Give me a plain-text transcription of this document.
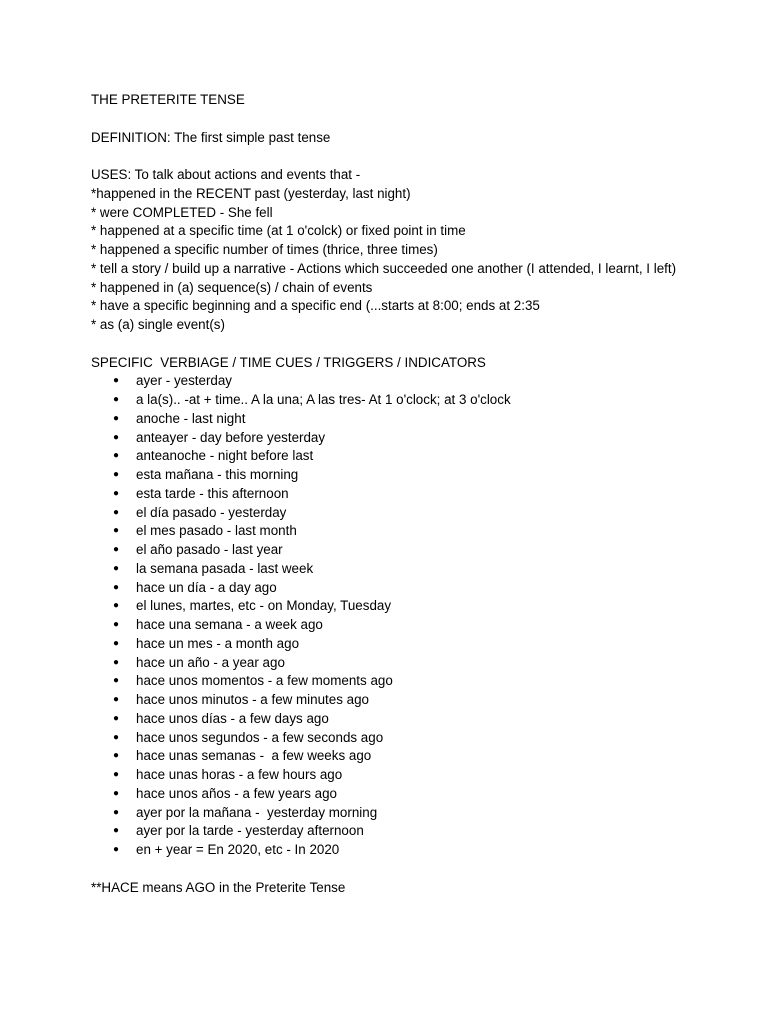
THE PRETERITE TENSE

DEFINITION: The first simple past tense

USES: To talk about actions and events that -

*happened in the RECENT past (yesterday, last night)

* were COMPLETED - She fell

* happened at a specific time (at 1 o'colck) or fixed point in time

* happened a specific number of times (thrice, three times)

* tell a story / build up a narrative - Actions which succeeded one another (I attended, I learnt, I left)

* happened in (a) sequence(s) / chain of events

* have a specific beginning and a specific end (...starts at 8:00; ends at 2:35

* as (a) single event(s)

SPECIFIC  VERBIAGE / TIME CUES / TRIGGERS / INDICATORS

● ayer - yesterday
● a la(s).. -at + time.. A la una; A las tres- At 1 o'clock; at 3 o'clock
● anoche - last night
● anteayer - day before yesterday
● anteanoche - night before last
● esta mañana - this morning
● esta tarde - this afternoon
● el día pasado - yesterday
● el mes pasado - last month
● el año pasado - last year
● la semana pasada - last week
● hace un día - a day ago
● el lunes, martes, etc - on Monday, Tuesday
● hace una semana - a week ago
● hace un mes - a month ago
● hace un año - a year ago
● hace unos momentos - a few moments ago
● hace unos minutos - a few minutes ago
● hace unos días - a few days ago
● hace unos segundos - a few seconds ago
● hace unas semanas -  a few weeks ago
● hace unas horas - a few hours ago
● hace unos años - a few years ago
● ayer por la mañana -  yesterday morning
● ayer por la tarde - yesterday afternoon
● en + year = En 2020, etc - In 2020

**HACE means AGO in the Preterite Tense
